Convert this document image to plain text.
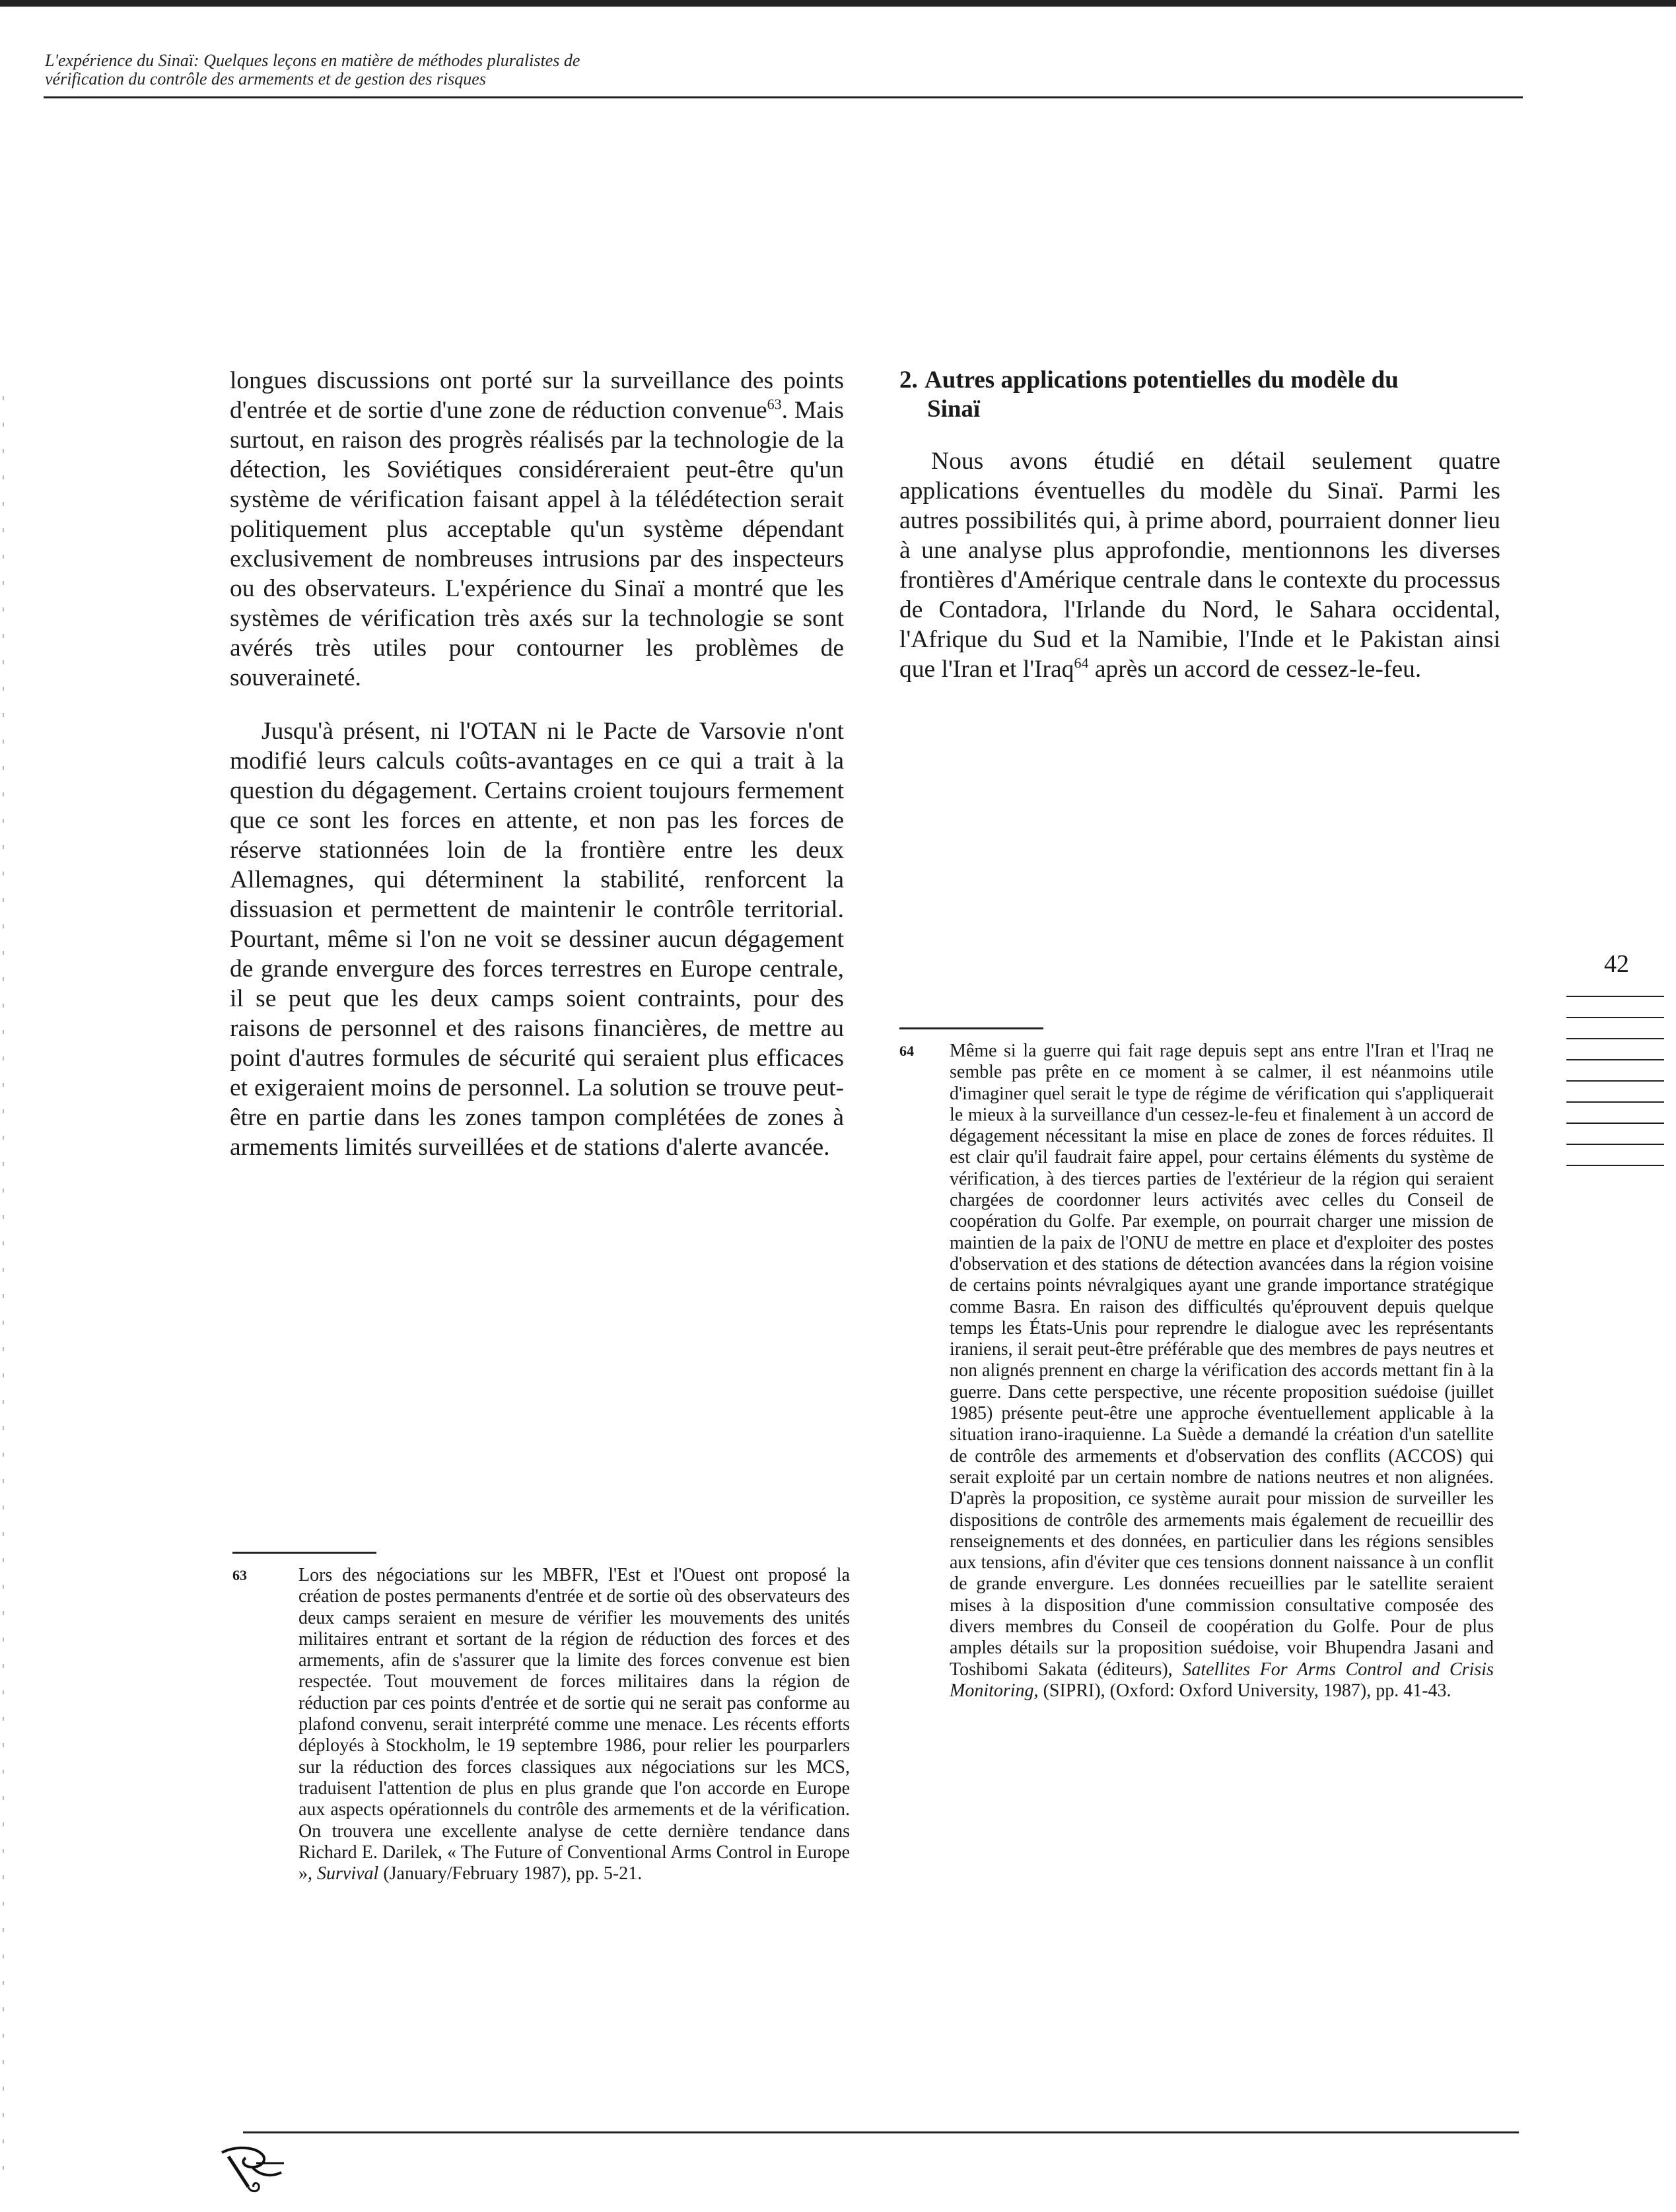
L'expérience du Sinaï: Quelques leçons en matière de méthodes pluralistes de
vérification du contrôle des armements et de gestion des risques

longues discussions ont porté sur la surveillance des points d'entrée et de sortie d'une zone de réduction convenue$^{63}$. Mais surtout, en raison des progrès réalisés par la technologie de la détection, les Soviétiques considéreraient peut-être qu'un système de vérification faisant appel à la télédétection serait politiquement plus acceptable qu'un système dépendant exclusivement de nombreuses intrusions par des inspecteurs ou des observateurs. L'expérience du Sinaï a montré que les systèmes de vérification très axés sur la technologie se sont avérés très utiles pour contourner les problèmes de souveraineté.

Jusqu'à présent, ni l'OTAN ni le Pacte de Varsovie n'ont modifié leurs calculs coûts-avantages en ce qui a trait à la question du dégagement. Certains croient toujours fermement que ce sont les forces en attente, et non pas les forces de réserve stationnées loin de la frontière entre les deux Allemagnes, qui déterminent la stabilité, renforcent la dissuasion et permettent de maintenir le contrôle territorial. Pourtant, même si l'on ne voit se dessiner aucun dégagement de grande envergure des forces terrestres en Europe centrale, il se peut que les deux camps soient contraints, pour des raisons de personnel et des raisons financières, de mettre au point d'autres formules de sécurité qui seraient plus efficaces et exigeraient moins de personnel. La solution se trouve peut-être en partie dans les zones tampon complétées de zones à armements limités surveillées et de stations d'alerte avancée.

2. Autres applications potentielles du modèle du
Sinaï

Nous avons étudié en détail seulement quatre applications éventuelles du modèle du Sinaï. Parmi les autres possibilités qui, à prime abord, pourraient donner lieu à une analyse plus approfondie, mentionnons les diverses frontières d'Amérique centrale dans le contexte du processus de Contadora, l'Irlande du Nord, le Sahara occidental, l'Afrique du Sud et la Namibie, l'Inde et le Pakistan ainsi que l'Iran et l'Iraq$^{64}$ après un accord de cessez-le-feu.

42
64 Même si la guerre qui fait rage depuis sept ans entre l'Iran et l'Iraq ne semble pas prête en ce moment à se calmer, il est néanmoins utile d'imaginer quel serait le type de régime de vérification qui s'appliquerait le mieux à la surveillance d'un cessez-le-feu et finalement à un accord de dégagement nécessitant la mise en place de zones de forces réduites. Il est clair qu'il faudrait faire appel, pour certains éléments du système de vérification, à des tierces parties de l'extérieur de la région qui seraient chargées de coordonner leurs activités avec celles du Conseil de coopération du Golfe. Par exemple, on pourrait charger une mission de maintien de la paix de l'ONU de mettre en place et d'exploiter des postes d'observation et des stations de détection avancées dans la région voisine de certains points névralgiques ayant une grande importance stratégique comme Basra. En raison des difficultés qu'éprouvent depuis quelque temps les États-Unis pour reprendre le dialogue avec les représentants iraniens, il serait peut-être préférable que des membres de pays neutres et non alignés prennent en charge la vérification des accords mettant fin à la guerre. Dans cette perspective, une récente proposition suédoise (juillet 1985) présente peut-être une approche éventuellement applicable à la situation irano-iraquienne. La Suède a demandé la création d'un satellite de contrôle des armements et d'observation des conflits (ACCOS) qui serait exploité par un certain nombre de nations neutres et non alignées. D'après la proposition, ce système aurait pour mission de surveiller les dispositions de contrôle des armements mais également de recueillir des renseignements et des données, en particulier dans les régions sensibles aux tensions, afin d'éviter que ces tensions donnent naissance à un conflit de grande envergure. Les données recueillies par le satellite seraient mises à la disposition d'une commission consultative composée des divers membres du Conseil de coopération du Golfe. Pour de plus amples détails sur la proposition suédoise, voir Bhupendra Jasani and Toshibomi Sakata (éditeurs), Satellites For Arms Control and Crisis Monitoring, (SIPRI), (Oxford: Oxford University, 1987), pp. 41-43.
63	Lors des négociations sur les MBFR, l'Est et l'Ouest ont proposé la création de postes permanents d'entrée et de sortie où des observateurs des deux camps seraient en mesure de vérifier les mouvements des unités militaires entrant et sortant de la région de réduction des forces et des armements, afin de s'assurer que la limite des forces convenue est bien respectée. Tout mouvement de forces militaires dans la région de réduction par ces points d'entrée et de sortie qui ne serait pas conforme au plafond convenu, serait interprété comme une menace. Les récents efforts déployés à Stockholm, le 19 septembre 1986, pour relier les pourparlers sur la réduction des forces classiques aux négociations sur les MCS, traduisent l'attention de plus en plus grande que l'on accorde en Europe aux aspects opérationnels du contrôle des armements et de la vérification. On trouvera une excellente analyse de cette dernière tendance dans Richard E. Darilek, « The Future of Conventional Arms Control in Europe », Survival (January/February 1987), pp. 5-21.
